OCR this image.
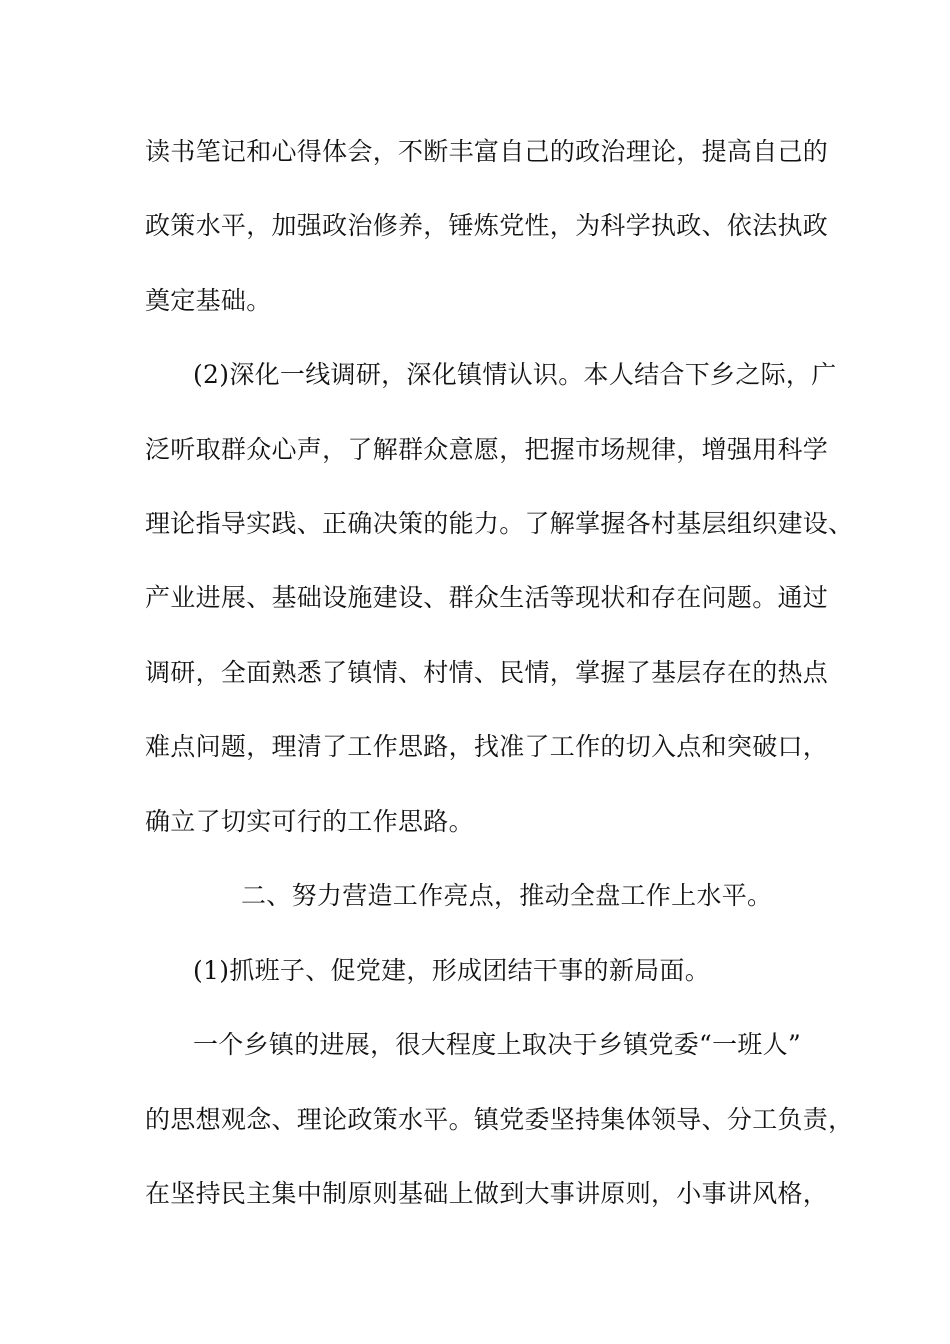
读书笔记和心得体会，不断丰富自己的政治理论，提高自己的
政策水平，加强政治修养，锤炼党性，为科学执政、依法执政
奠定基础。
(2)深化一线调研，深化镇情认识。本人结合下乡之际，广
泛听取群众心声，了解群众意愿，把握市场规律，增强用科学
理论指导实践、正确决策的能力。了解掌握各村基层组织建设、
产业进展、基础设施建设、群众生活等现状和存在问题。通过
调研，全面熟悉了镇情、村情、民情，掌握了基层存在的热点
难点问题，理清了工作思路，找准了工作的切入点和突破口，
确立了切实可行的工作思路。
二、努力营造工作亮点，推动全盘工作上水平。
(1)抓班子、促党建，形成团结干事的新局面。
一个乡镇的进展，很大程度上取决于乡镇党委“一班人”
的思想观念、理论政策水平。镇党委坚持集体领导、分工负责，
在坚持民主集中制原则基础上做到大事讲原则，小事讲风格，
